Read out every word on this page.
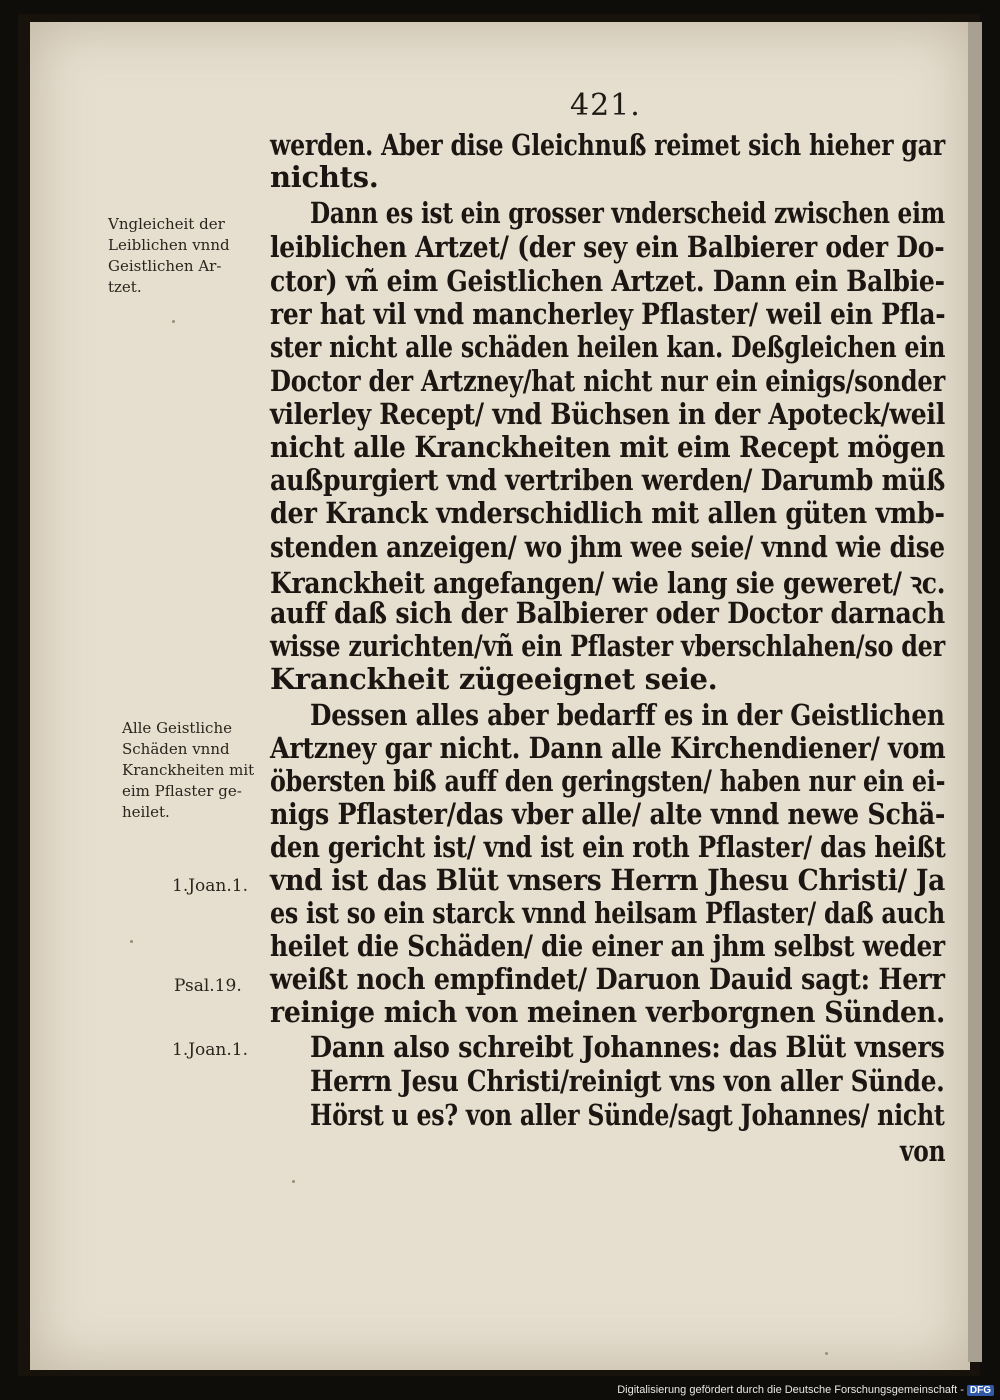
421.
werden. Aber dise Gleichnuß reimet sich hieher gar
nichts.
Dann es ist ein grosser vnderscheid zwischen eim
leiblichen Artzet/ (der sey ein Balbierer oder Do-
ctor) vñ eim Geistlichen Artzet. Dann ein Balbie-
rer hat vil vnd mancherley Pflaster/ weil ein Pfla-
ster nicht alle schäden heilen kan. Deßgleichen ein
Doctor der Artzney/hat nicht nur ein einigs/sonder
vilerley Recept/ vnd Büchsen in der Apoteck/weil
nicht alle Kranckheiten mit eim Recept mögen
außpurgiert vnd vertriben werden/ Darumb müß
der Kranck vnderschidlich mit allen güten vmb-
stenden anzeigen/ wo jhm wee seie/ vnnd wie dise
Kranckheit angefangen/ wie lang sie geweret/ ꝛc.
auff daß sich der Balbierer oder Doctor darnach
wisse zurichten/vñ ein Pflaster vberschlahen/so der
Kranckheit zügeeignet seie.
Dessen alles aber bedarff es in der Geistlichen
Artzney gar nicht. Dann alle Kirchendiener/ vom
öbersten biß auff den geringsten/ haben nur ein ei-
nigs Pflaster/das vber alle/ alte vnnd newe Schä-
den gericht ist/ vnd ist ein roth Pflaster/ das heißt
vnd ist das Blüt vnsers Herrn Jhesu Christi/ Ja
es ist so ein starck vnnd heilsam Pflaster/ daß auch
heilet die Schäden/ die einer an jhm selbst weder
weißt noch empfindet/ Daruon Dauid sagt: Herr
reinige mich von meinen verborgnen Sünden.
Dann also schreibt Johannes: das Blüt vnsers
Herrn Jesu Christi/reinigt vns von aller Sünde.
Hörst u es? von aller Sünde/sagt Johannes/ nicht
von
Vngleicheit der
Leiblichen vnnd
Geistlichen Ar-
tzet.
Alle Geistliche
Schäden vnnd
Kranckheiten mit
eim Pflaster ge-
heilet.
1.Joan.1.
Psal.19.
1.Joan.1.
Digitalisierung gefördert durch die Deutsche Forschungsgemeinschaft - DFG
